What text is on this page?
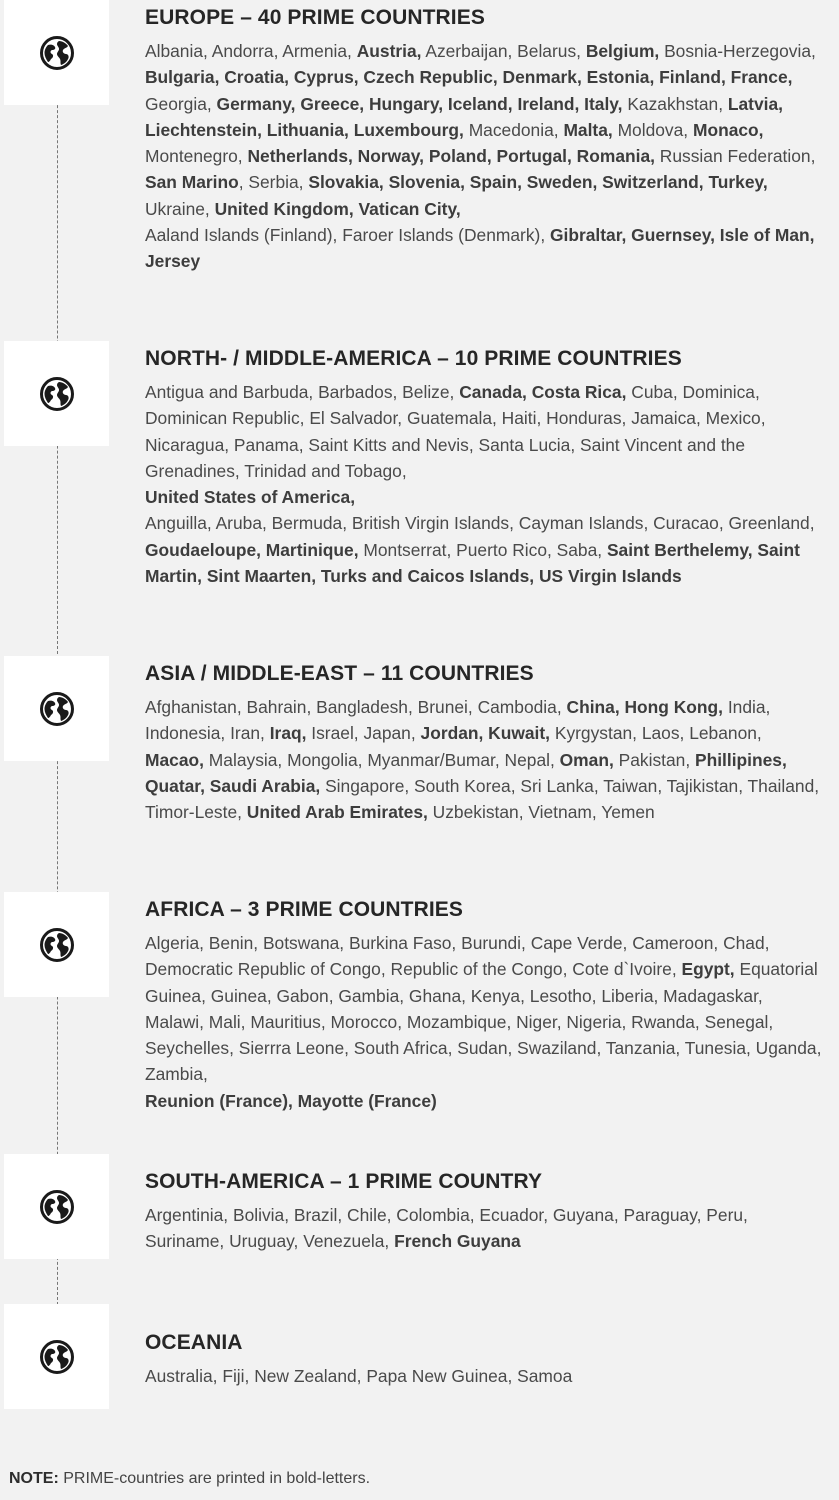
EUROPE – 40 PRIME COUNTRIES
Albania, Andorra, Armenia, Austria, Azerbaijan, Belarus, Belgium, Bosnia-Herzegovia, Bulgaria, Croatia, Cyprus, Czech Republic, Denmark, Estonia, Finland, France, Georgia, Germany, Greece, Hungary, Iceland, Ireland, Italy, Kazakhstan, Latvia, Liechtenstein, Lithuania, Luxembourg, Macedonia, Malta, Moldova, Monaco, Montenegro, Netherlands, Norway, Poland, Portugal, Romania, Russian Federation, San Marino, Serbia, Slovakia, Slovenia, Spain, Sweden, Switzerland, Turkey, Ukraine, United Kingdom, Vatican City,
Aaland Islands (Finland), Faroer Islands (Denmark), Gibraltar, Guernsey, Isle of Man, Jersey
NORTH- / MIDDLE-AMERICA – 10 PRIME COUNTRIES
Antigua and Barbuda, Barbados, Belize, Canada, Costa Rica, Cuba, Dominica, Dominican Republic, El Salvador, Guatemala, Haiti, Honduras, Jamaica, Mexico, Nicaragua, Panama, Saint Kitts and Nevis, Santa Lucia, Saint Vincent and the Grenadines, Trinidad and Tobago,
United States of America,
Anguilla, Aruba, Bermuda, British Virgin Islands, Cayman Islands, Curacao, Greenland, Goudaeloupe, Martinique, Montserrat, Puerto Rico, Saba, Saint Berthelemy, Saint Martin, Sint Maarten, Turks and Caicos Islands, US Virgin Islands
ASIA / MIDDLE-EAST – 11 COUNTRIES
Afghanistan, Bahrain, Bangladesh, Brunei, Cambodia, China, Hong Kong, India, Indonesia, Iran, Iraq, Israel, Japan, Jordan, Kuwait, Kyrgystan, Laos, Lebanon, Macao, Malaysia, Mongolia, Myanmar/Bumar, Nepal, Oman, Pakistan, Phillipines, Quatar, Saudi Arabia, Singapore, South Korea, Sri Lanka, Taiwan, Tajikistan, Thailand, Timor-Leste, United Arab Emirates, Uzbekistan, Vietnam, Yemen
AFRICA – 3 PRIME COUNTRIES
Algeria, Benin, Botswana, Burkina Faso, Burundi, Cape Verde, Cameroon, Chad, Democratic Republic of Congo, Republic of the Congo, Cote d`Ivoire, Egypt, Equatorial Guinea, Guinea, Gabon, Gambia, Ghana, Kenya, Lesotho, Liberia, Madagaskar, Malawi, Mali, Mauritius, Morocco, Mozambique, Niger, Nigeria, Rwanda, Senegal, Seychelles, Sierrra Leone, South Africa, Sudan, Swaziland, Tanzania, Tunesia, Uganda, Zambia,
Reunion (France), Mayotte (France)
SOUTH-AMERICA – 1 PRIME COUNTRY
Argentinia, Bolivia, Brazil, Chile, Colombia, Ecuador, Guyana, Paraguay, Peru, Suriname, Uruguay, Venezuela, French Guyana
OCEANIA
Australia, Fiji, New Zealand, Papa New Guinea, Samoa
NOTE: PRIME-countries are printed in bold-letters.
